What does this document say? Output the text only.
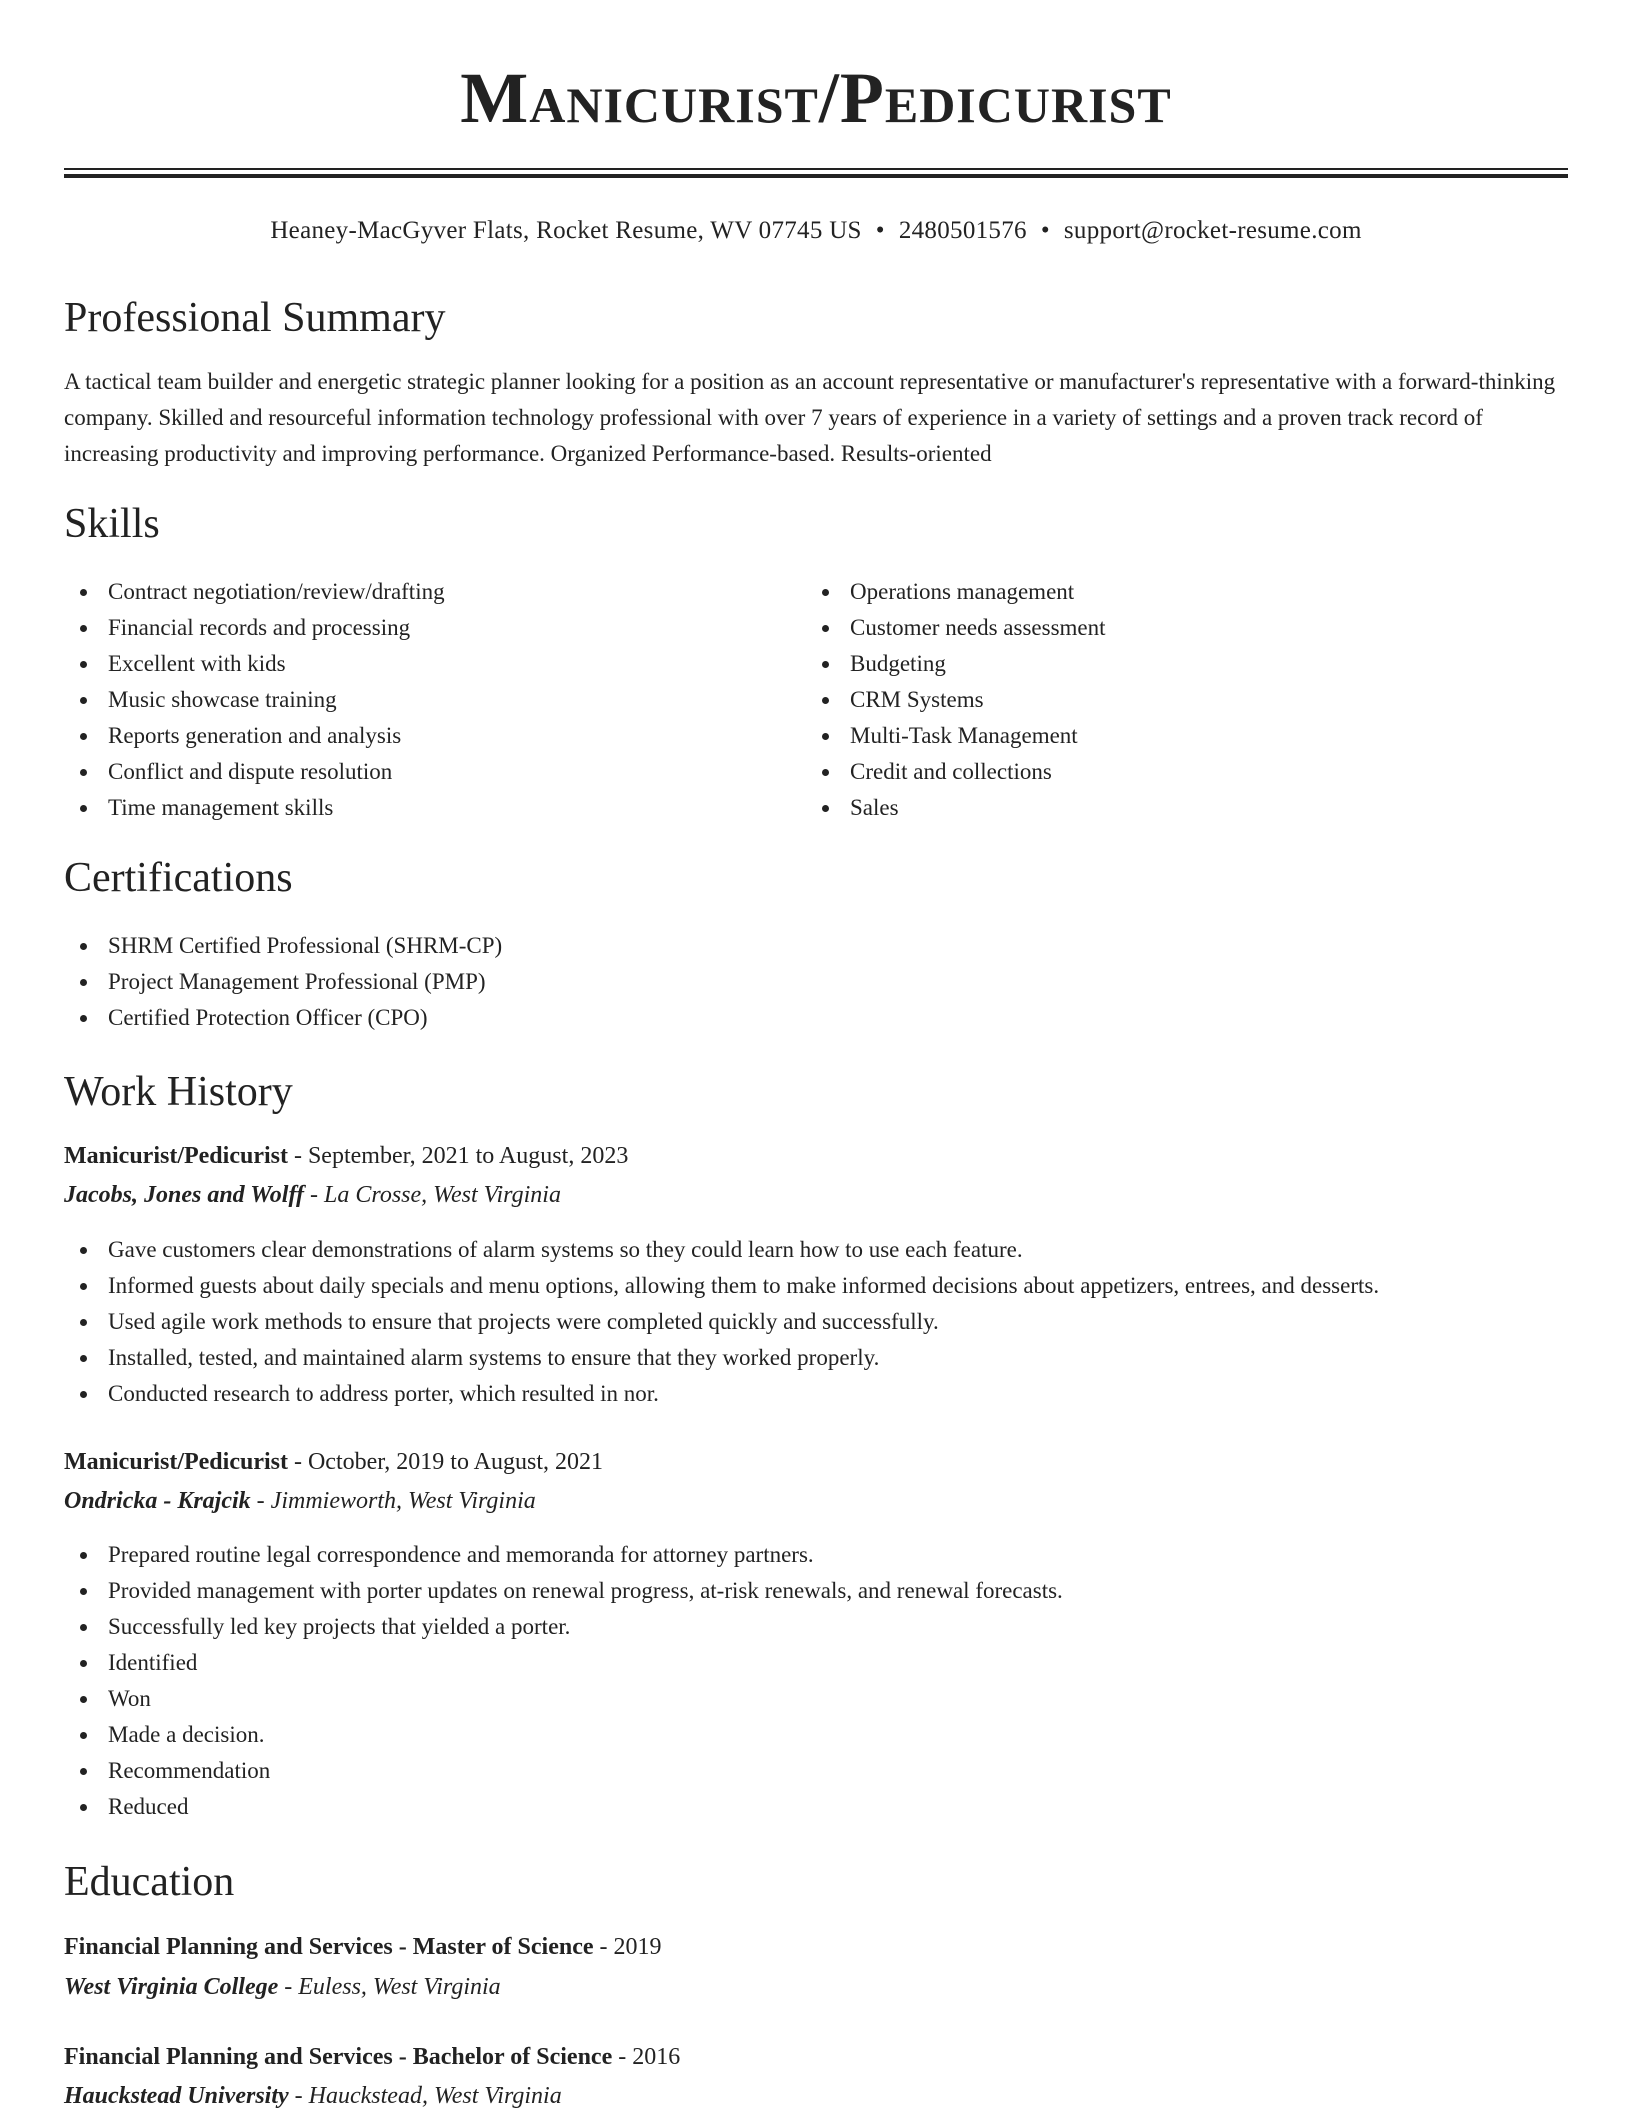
Manicurist/Pedicurist
Heaney-MacGyver Flats, Rocket Resume, WV 07745 US • 2480501576 • support@rocket-resume.com
Professional Summary

A tactical team builder and energetic strategic planner looking for a position as an account representative or manufacturer's representative with a forward-thinking company. Skilled and resourceful information technology professional with over 7 years of experience in a variety of settings and a proven track record of increasing productivity and improving performance. Organized Performance-based. Results-oriented

Skills
Contract negotiation/review/drafting
Financial records and processing
Excellent with kids
Music showcase training
Reports generation and analysis
Conflict and dispute resolution
Time management skills
Operations management
Customer needs assessment
Budgeting
CRM Systems
Multi-Task Management
Credit and collections
Sales
Certifications
SHRM Certified Professional (SHRM-CP)
Project Management Professional (PMP)
Certified Protection Officer (CPO)
Work History
Manicurist/Pedicurist - September, 2021 to August, 2023
Jacobs, Jones and Wolff - La Crosse, West Virginia
Gave customers clear demonstrations of alarm systems so they could learn how to use each feature.
Informed guests about daily specials and menu options, allowing them to make informed decisions about appetizers, entrees, and desserts.
Used agile work methods to ensure that projects were completed quickly and successfully.
Installed, tested, and maintained alarm systems to ensure that they worked properly.
Conducted research to address porter, which resulted in nor.
Manicurist/Pedicurist - October, 2019 to August, 2021
Ondricka - Krajcik - Jimmieworth, West Virginia
Prepared routine legal correspondence and memoranda for attorney partners.
Provided management with porter updates on renewal progress, at-risk renewals, and renewal forecasts.
Successfully led key projects that yielded a porter.
Identified
Won
Made a decision.
Recommendation
Reduced
Education
Financial Planning and Services - Master of Science - 2019
West Virginia College - Euless, West Virginia
Financial Planning and Services - Bachelor of Science - 2016
Hauckstead University - Hauckstead, West Virginia
